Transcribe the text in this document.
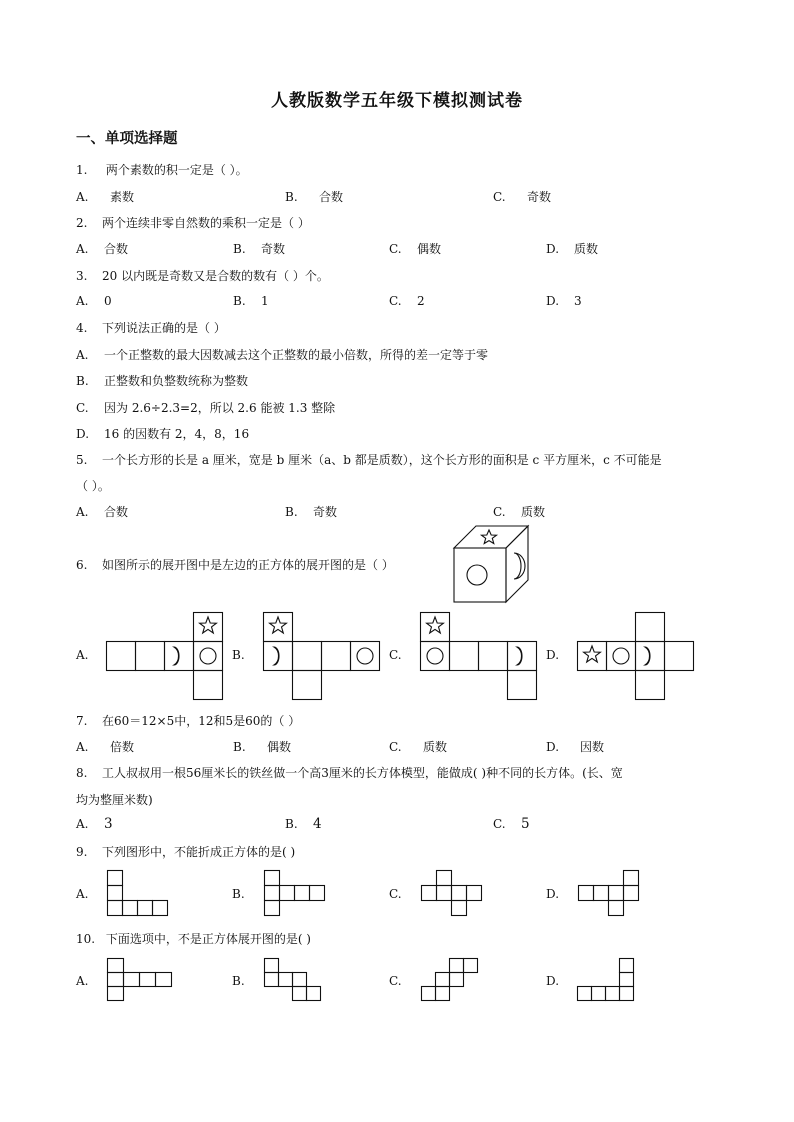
人教版数学五年级下模拟测试卷
一、单项选择题
1. 两个素数的积一定是（ ）。
A. 素数	B. 合数	C. 奇数
2. 两个连续非零自然数的乘积一定是（ ）
A. 合数	B. 奇数	C. 偶数	D. 质数
3. 20 以内既是奇数又是合数的数有（ ）个。
A. 0	B. 1	C. 2	D. 3
4. 下列说法正确的是（ ）
A. 一个正整数的最大因数减去这个正整数的最小倍数，所得的差一定等于零
B. 正整数和负整数统称为整数
C. 因为 2.6÷2.3=2，所以 2.6 能被 1.3 整除
D. 16 的因数有 2，4，8，16
5. 一个长方形的长是 a 厘米，宽是 b 厘米（a、b 都是质数），这个长方形的面积是 c 平方厘米，c 不可能是
（ ）。
A. 合数	B. 奇数	C. 质数
6. 如图所示的展开图中是左边的正方体的展开图的是（ ）
A.	B.	C.	D.
7. 在60＝12×5中，12和5是60的（ ）
A. 倍数	B. 偶数	C. 质数	D. 因数
8. 工人叔叔用一根56厘米长的铁丝做一个高3厘米的长方体模型，能做成( )种不同的长方体。(长、宽
均为整厘米数)
A. 3	B. 4	C. 5
9. 下列图形中，不能折成正方体的是( )
A.	B.	C.	D.
10. 下面选项中，不是正方体展开图的是( )
A.	B.	C.	D.
